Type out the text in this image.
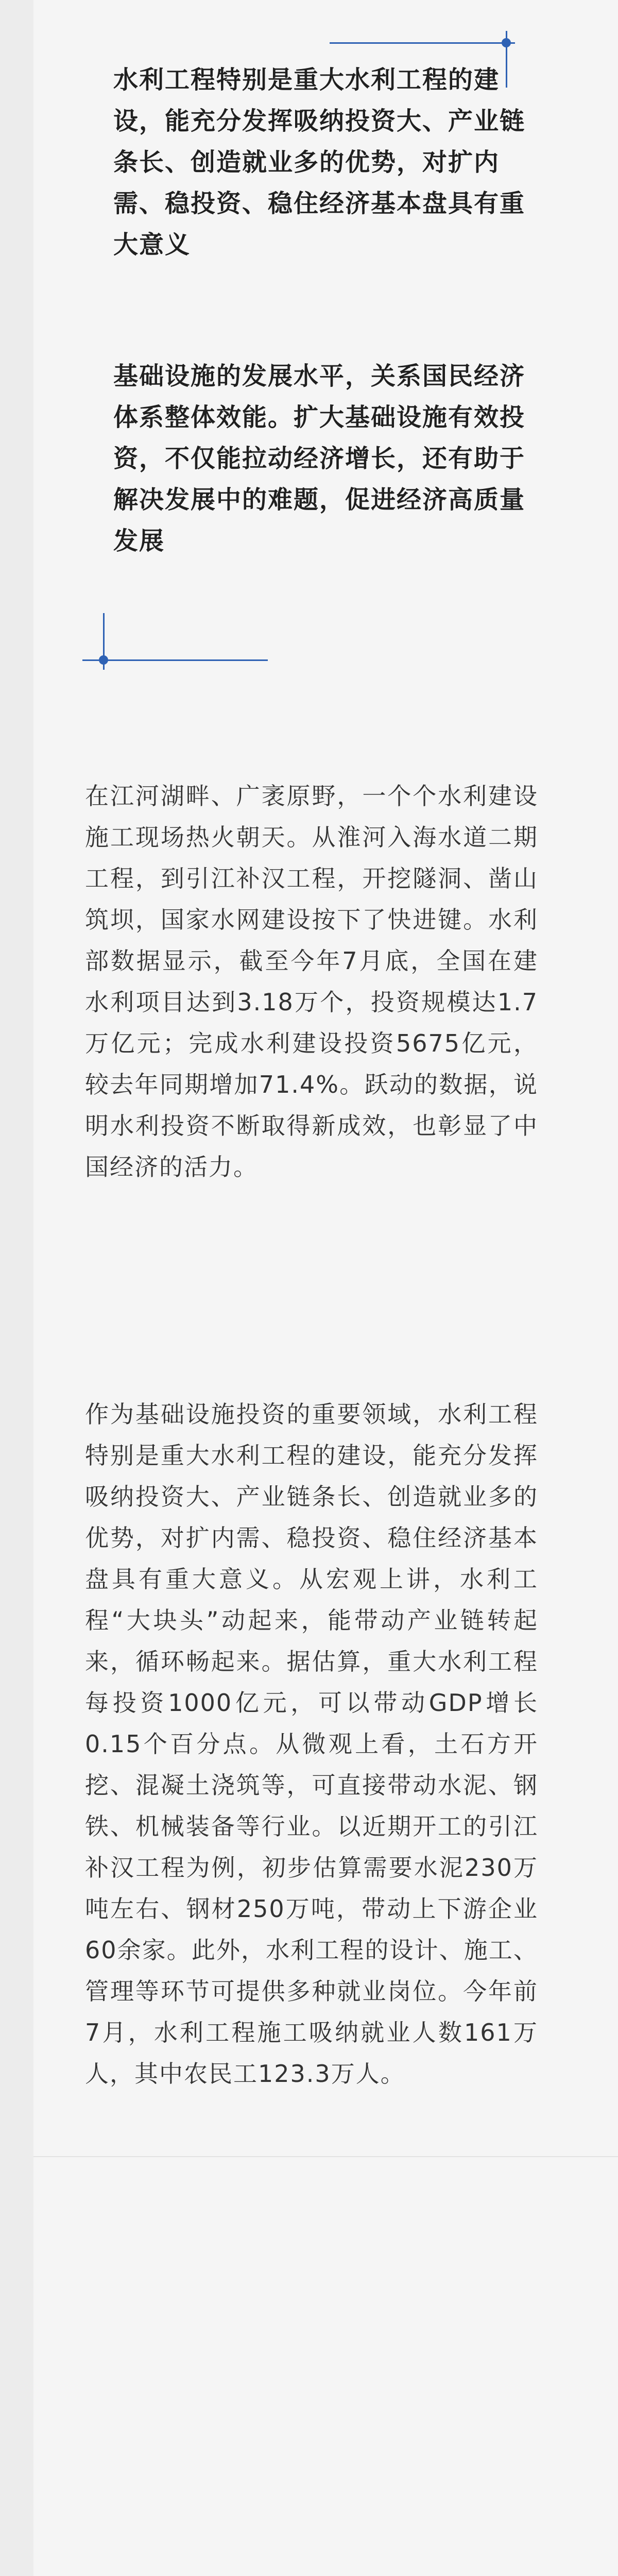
水利工程特别是重大水利工程的建设，能充分发挥吸纳投资大、产业链条长、创造就业多的优势，对扩内需、稳投资、稳住经济基本盘具有重大意义

基础设施的发展水平，关系国民经济体系整体效能。扩大基础设施有效投资，不仅能拉动经济增长，还有助于解决发展中的难题，促进经济高质量发展

在江河湖畔、广袤原野，一个个水利建设施工现场热火朝天。从淮河入海水道二期工程，到引江补汉工程，开挖隧洞、凿山筑坝，国家水网建设按下了快进键。水利部数据显示，截至今年7月底，全国在建水利项目达到3.18万个，投资规模达1.7万亿元；完成水利建设投资5675亿元，较去年同期增加71.4%。跃动的数据，说明水利投资不断取得新成效，也彰显了中国经济的活力。

作为基础设施投资的重要领域，水利工程特别是重大水利工程的建设，能充分发挥吸纳投资大、产业链条长、创造就业多的优势，对扩内需、稳投资、稳住经济基本盘具有重大意义。从宏观上讲，水利工程“大块头”动起来，能带动产业链转起来，循环畅起来。据估算，重大水利工程每投资1000亿元，可以带动GDP增长0.15个百分点。从微观上看，土石方开挖、混凝土浇筑等，可直接带动水泥、钢铁、机械装备等行业。以近期开工的引江补汉工程为例，初步估算需要水泥230万吨左右、钢材250万吨，带动上下游企业60余家。此外，水利工程的设计、施工、管理等环节可提供多种就业岗位。今年前7月，水利工程施工吸纳就业人数161万人，其中农民工123.3万人。
